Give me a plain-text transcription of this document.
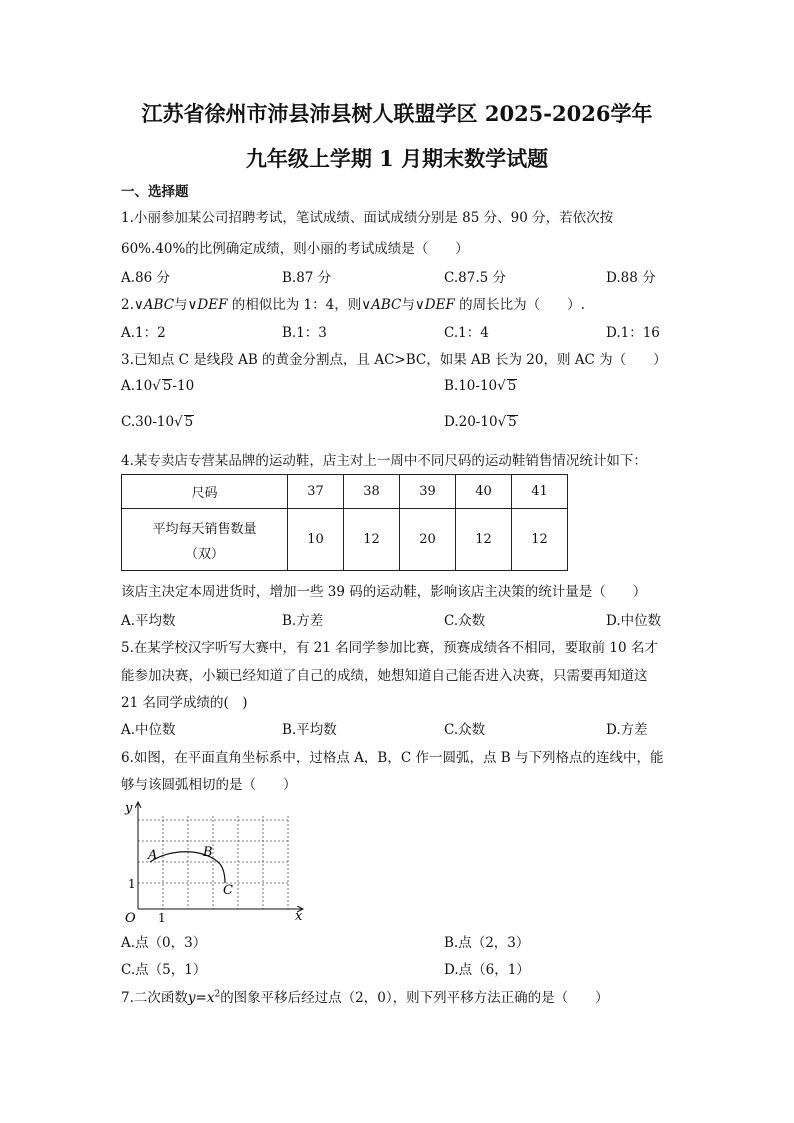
江苏省徐州市沛县沛县树人联盟学区 2025-2026学年
九年级上学期 1 月期末数学试题
一、选择题
1.小丽参加某公司招聘考试，笔试成绩、面试成绩分别是 85 分、90 分，若依次按
60%.40%的比例确定成绩，则小丽的考试成绩是（　　）
A.86 分	B.87 分	C.87.5 分	D.88 分
2.∨ABC与∨DEF 的相似比为 1：4，则∨ABC与∨DEF 的周长比为（　　）.
A.1：2	B.1：3	C.1：4	D.1：16
3.已知点 C 是线段 AB 的黄金分割点，且 AC>BC，如果 AB 长为 20，则 AC 为（　　）
A.10√ 5-10	B.10-10√ 5
C.30-10√ 5	D.20-10√ 5
4.某专卖店专营某品牌的运动鞋，店主对上一周中不同尺码的运动鞋销售情况统计如下：
尺码	37	38	39	40	41

平均每天销售数量
（双）	10	12	20	12	12
该店主决定本周进货时，增加一些 39 码的运动鞋，影响该店主决策的统计量是（　　）
A.平均数	B.方差	C.众数	D.中位数
5.在某学校汉字听写大赛中，有 21 名同学参加比赛，预赛成绩各不相同，要取前 10 名才
能参加决赛，小颖已经知道了自己的成绩，她想知道自己能否进入决赛，只需要再知道这
21 名同学成绩的(　)
A.中位数	B.平均数	C.众数	D.方差
6.如图，在平面直角坐标系中，过格点 A，B，C 作一圆弧，点 B 与下列格点的连线中，能
够与该圆弧相切的是（　　）
y
x
O 1
1
A	B
C
A.点（0，3）	B.点（2，3）
C.点（5，1）	D.点（6，1）
7.二次函数$y=x^2$的图象平移后经过点（2，0），则下列平移方法正确的是（　　）
